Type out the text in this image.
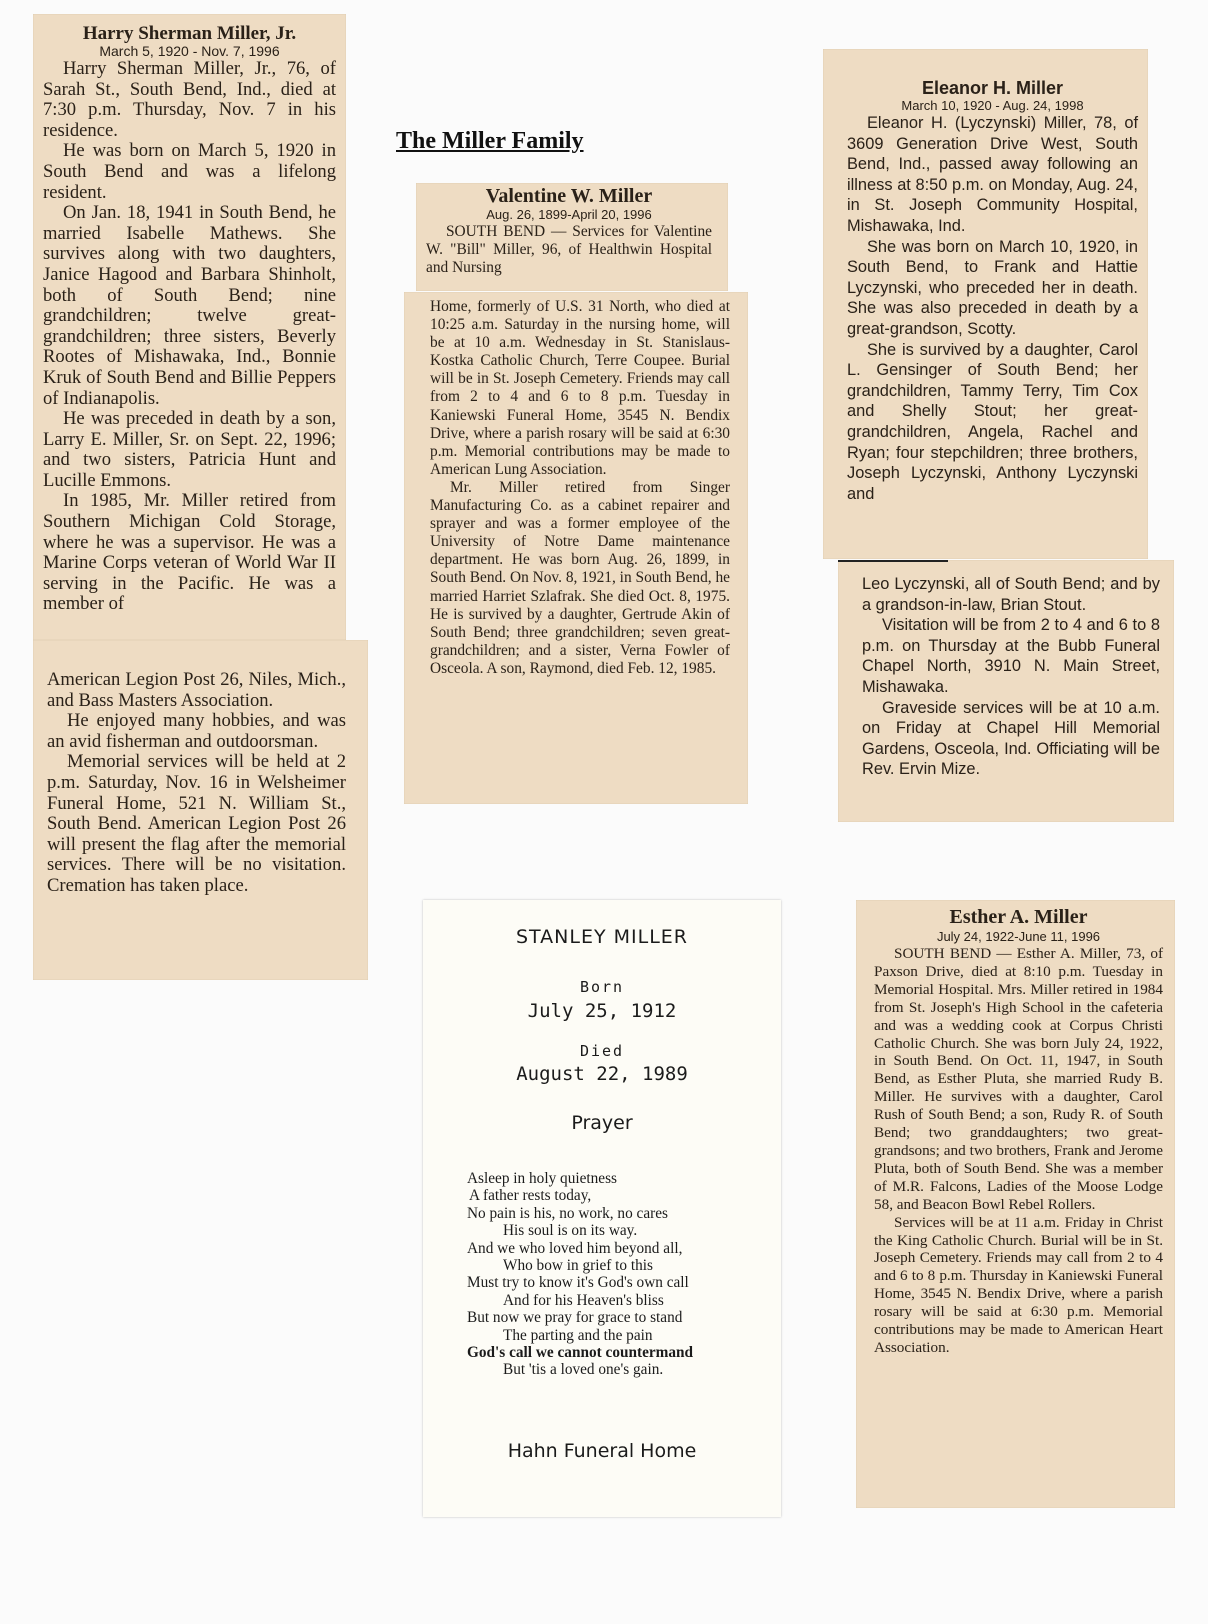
Harry Sherman Miller, Jr.
March 5, 1920 - Nov. 7, 1996

Harry Sherman Miller, Jr., 76, of Sarah St., South Bend, Ind., died at 7:30 p.m. Thursday, Nov. 7 in his residence.

He was born on March 5, 1920 in South Bend and was a lifelong resident.

On Jan. 18, 1941 in South Bend, he married Isabelle Mathews. She survives along with two daughters, Janice Hagood and Barbara Shinholt, both of South Bend; nine grandchildren; twelve great-grandchildren; three sisters, Beverly Rootes of Mishawaka, Ind., Bonnie Kruk of South Bend and Billie Peppers of Indianapolis.

He was preceded in death by a son, Larry E. Miller, Sr. on Sept. 22, 1996; and two sisters, Patricia Hunt and Lucille Emmons.

In 1985, Mr. Miller retired from Southern Michigan Cold Storage, where he was a supervisor. He was a Marine Corps veteran of World War II serving in the Pacific. He was a member of

American Legion Post 26, Niles, Mich., and Bass Masters Association.

He enjoyed many hobbies, and was an avid fisherman and outdoorsman.

Memorial services will be held at 2 p.m. Saturday, Nov. 16 in Welsheimer Funeral Home, 521 N. William St., South Bend. American Legion Post 26 will present the flag after the memorial services. There will be no visitation. Cremation has taken place.

The Miller Family
Valentine W. Miller
Aug. 26, 1899-April 20, 1996

SOUTH BEND — Services for Valentine W. "Bill" Miller, 96, of Healthwin Hospital and Nursing

Home, formerly of U.S. 31 North, who died at 10:25 a.m. Saturday in the nursing home, will be at 10 a.m. Wednesday in St. Stanislaus-Kostka Catholic Church, Terre Coupee. Burial will be in St. Joseph Cemetery. Friends may call from 2 to 4 and 6 to 8 p.m. Tuesday in Kaniewski Funeral Home, 3545 N. Bendix Drive, where a parish rosary will be said at 6:30 p.m. Memorial contributions may be made to American Lung Association.

Mr. Miller retired from Singer Manufacturing Co. as a cabinet repairer and sprayer and was a former employee of the University of Notre Dame maintenance department. He was born Aug. 26, 1899, in South Bend. On Nov. 8, 1921, in South Bend, he married Harriet Szlafrak. She died Oct. 8, 1975. He is survived by a daughter, Gertrude Akin of South Bend; three grandchildren; seven great-grandchildren; and a sister, Verna Fowler of Osceola. A son, Raymond, died Feb. 12, 1985.

Eleanor H. Miller
March 10, 1920 - Aug. 24, 1998

Eleanor H. (Lyczynski) Miller, 78, of 3609 Generation Drive West, South Bend, Ind., passed away following an illness at 8:50 p.m. on Monday, Aug. 24, in St. Joseph Community Hospital, Mishawaka, Ind.

She was born on March 10, 1920, in South Bend, to Frank and Hattie Lyczynski, who preceded her in death. She was also preceded in death by a great-grandson, Scotty.

She is survived by a daughter, Carol L. Gensinger of South Bend; her grandchildren, Tammy Terry, Tim Cox and Shelly Stout; her great-grandchildren, Angela, Rachel and Ryan; four stepchildren; three brothers, Joseph Lyczynski, Anthony Lyczynski and

Leo Lyczynski, all of South Bend; and by a grandson-in-law, Brian Stout.

Visitation will be from 2 to 4 and 6 to 8 p.m. on Thursday at the Bubb Funeral Chapel North, 3910 N. Main Street, Mishawaka.

Graveside services will be at 10 a.m. on Friday at Chapel Hill Memorial Gardens, Osceola, Ind. Officiating will be Rev. Ervin Mize.

STANLEY MILLER
Born
July 25, 1912
Died
August 22, 1989
Prayer
Asleep in holy quietness
A father rests today,
No pain is his, no work, no cares
His soul is on its way.
And we who loved him beyond all,
Who bow in grief to this
Must try to know it's God's own call
And for his Heaven's bliss
But now we pray for grace to stand
The parting and the pain
God's call we cannot countermand
But 'tis a loved one's gain.
Hahn Funeral Home
Esther A. Miller
July 24, 1922-June 11, 1996

SOUTH BEND — Esther A. Miller, 73, of Paxson Drive, died at 8:10 p.m. Tuesday in Memorial Hospital. Mrs. Miller retired in 1984 from St. Joseph's High School in the cafeteria and was a wedding cook at Corpus Christi Catholic Church. She was born July 24, 1922, in South Bend. On Oct. 11, 1947, in South Bend, as Esther Pluta, she married Rudy B. Miller. He survives with a daughter, Carol Rush of South Bend; a son, Rudy R. of South Bend; two granddaughters; two great-grandsons; and two brothers, Frank and Jerome Pluta, both of South Bend. She was a member of M.R. Falcons, Ladies of the Moose Lodge 58, and Beacon Bowl Rebel Rollers.

Services will be at 11 a.m. Friday in Christ the King Catholic Church. Burial will be in St. Joseph Cemetery. Friends may call from 2 to 4 and 6 to 8 p.m. Thursday in Kaniewski Funeral Home, 3545 N. Bendix Drive, where a parish rosary will be said at 6:30 p.m. Memorial contributions may be made to American Heart Association.
